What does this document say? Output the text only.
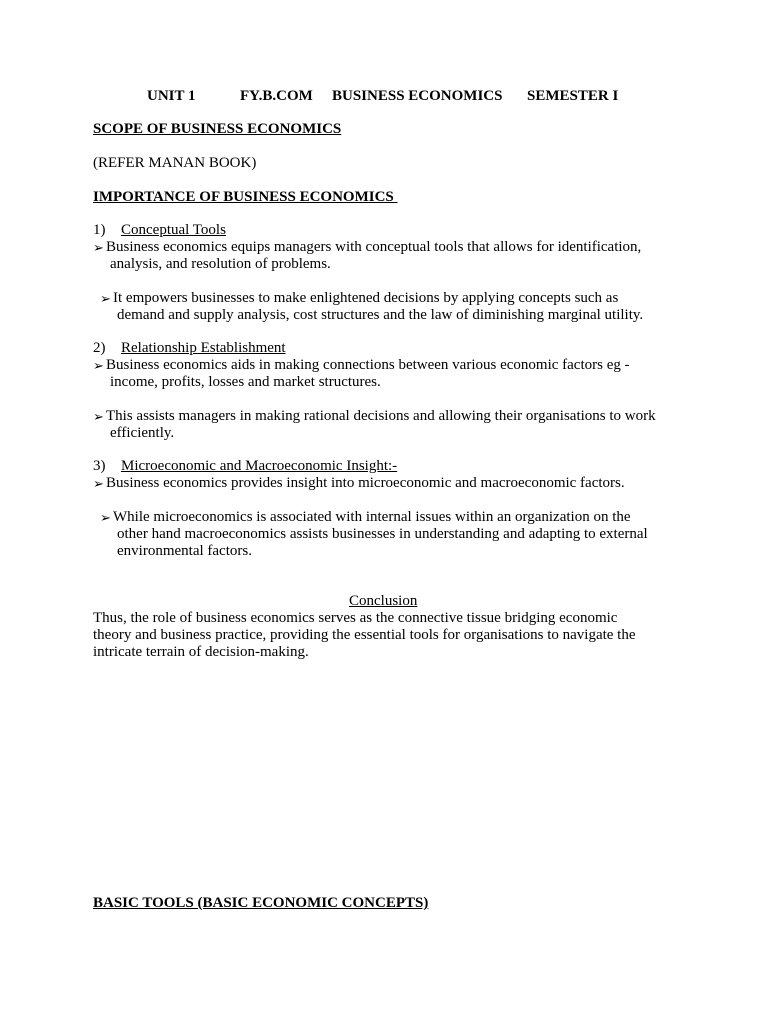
UNIT 1	FY.B.COM BUSINESS ECONOMICS SEMESTER I
SCOPE OF BUSINESS ECONOMICS
(REFER MANAN BOOK)
IMPORTANCE OF BUSINESS ECONOMICS
1) Conceptual Tools
➢ Business economics equips managers with conceptual tools that allows for identification,
analysis, and resolution of problems.
➢ It empowers businesses to make enlightened decisions by applying concepts such as
demand and supply analysis, cost structures and the law of diminishing marginal utility.
2) Relationship Establishment
➢ Business economics aids in making connections between various economic factors eg -
income, profits, losses and market structures.
➢ This assists managers in making rational decisions and allowing their organisations to work
efficiently.
3) Microeconomic and Macroeconomic Insight:-
➢ Business economics provides insight into microeconomic and macroeconomic factors.
➢ While microeconomics is associated with internal issues within an organization on the
other hand macroeconomics assists businesses in understanding and adapting to external
environmental factors.
Conclusion
Thus, the role of business economics serves as the connective tissue bridging economic
theory and business practice, providing the essential tools for organisations to navigate the
intricate terrain of decision-making.
BASIC TOOLS (BASIC ECONOMIC CONCEPTS)
